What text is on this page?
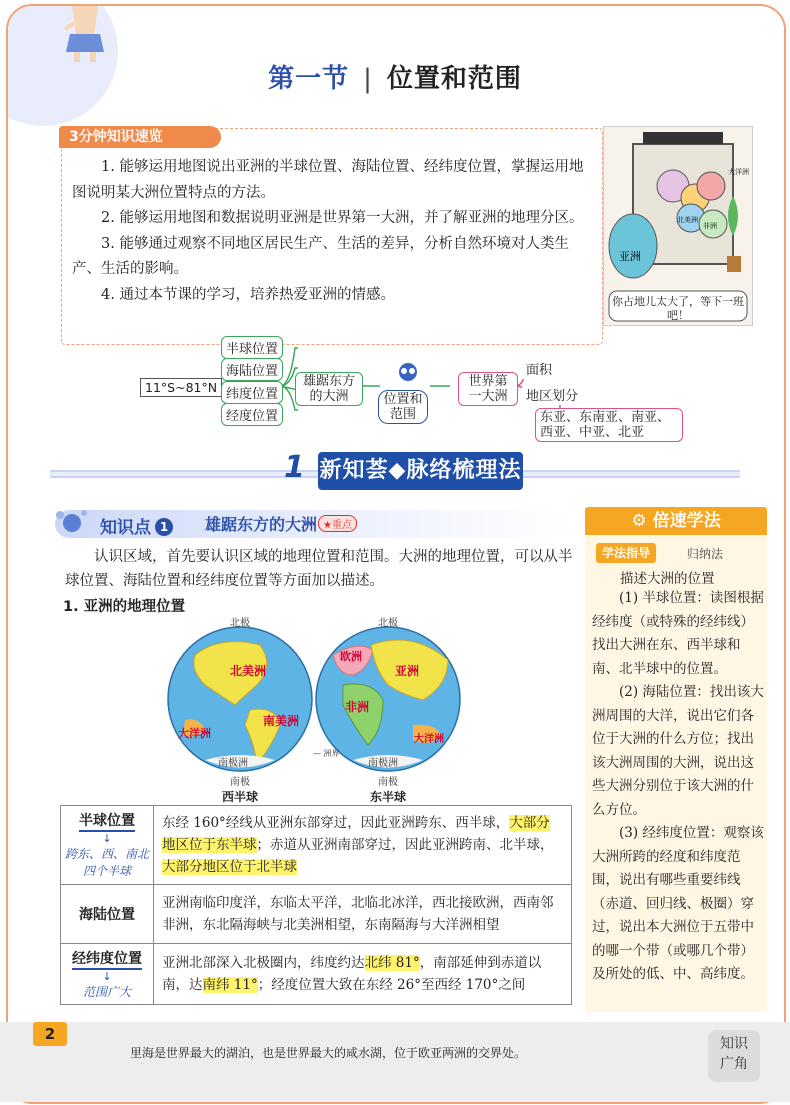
第一节 | 位置和范围
3分钟知识速览

1. 能够运用地图说出亚洲的半球位置、海陆位置、经纬度位置，掌握运用地图说明某大洲位置特点的方法。

2. 能够运用地图和数据说明亚洲是世界第一大洲，并了解亚洲的地理分区。

3. 能够通过观察不同地区居民生产、生活的差异，分析自然环境对人类生产、生活的影响。

4. 通过本节课的学习，培养热爱亚洲的情感。

亚洲
北美洲
非洲
大洋洲
你占地儿太大了，等下一班吧！
11°S~81°N
半球位置
海陆位置
纬度位置
经度位置
雄踞东方的大洲	位置和范围
世界第一大洲
面积
地区划分
东亚、东南亚、南亚、西亚、中亚、北亚
1 新知荟◆脉络梳理法
知识点 1	雄踞东方的大洲 ★重点

认识区域，首先要认识区域的地理位置和范围。大洲的地理位置，可以从半球位置、海陆位置和经纬度位置等方面加以描述。

1. 亚洲的地理位置
北极
南极
西半球
北美洲
南美洲
大洋洲
南极洲
北极
南极
东半球
欧洲
亚洲
非洲
大洋洲
南极洲
— 洲界
半球位置
↓
跨东、西、南北四个半球	东经 160°经线从亚洲东部穿过，因此亚洲跨东、西半球，大部分地区位于东半球；赤道从亚洲南部穿过，因此亚洲跨南、北半球，大部分地区位于北半球
海陆位置	亚洲南临印度洋，东临太平洋，北临北冰洋，西北接欧洲，西南邻非洲，东北隔海峡与北美洲相望，东南隔海与大洋洲相望
经纬度位置
↓
范围广大	亚洲北部深入北极圈内，纬度约达北纬 81°，南部延伸到赤道以南，达南纬 11°；经度位置大致在东经 26°至西经 170°之间
⚙ 倍速学法
学法指导	归纳法
描述大洲的位置

(1) 半球位置：读图根据经纬度（或特殊的经纬线）找出大洲在东、西半球和南、北半球中的位置。

(2) 海陆位置：找出该大洲周围的大洋，说出它们各位于大洲的什么方位；找出该大洲周围的大洲，说出这些大洲分别位于该大洲的什么方位。

(3) 经纬度位置：观察该大洲所跨的经度和纬度范围，说出有哪些重要纬线（赤道、回归线、极圈）穿过，说出本大洲位于五带中的哪一个带（或哪几个带）及所处的低、中、高纬度。

2
里海是世界最大的湖泊，也是世界最大的咸水湖，位于欧亚两洲的交界处。
知识
广角
